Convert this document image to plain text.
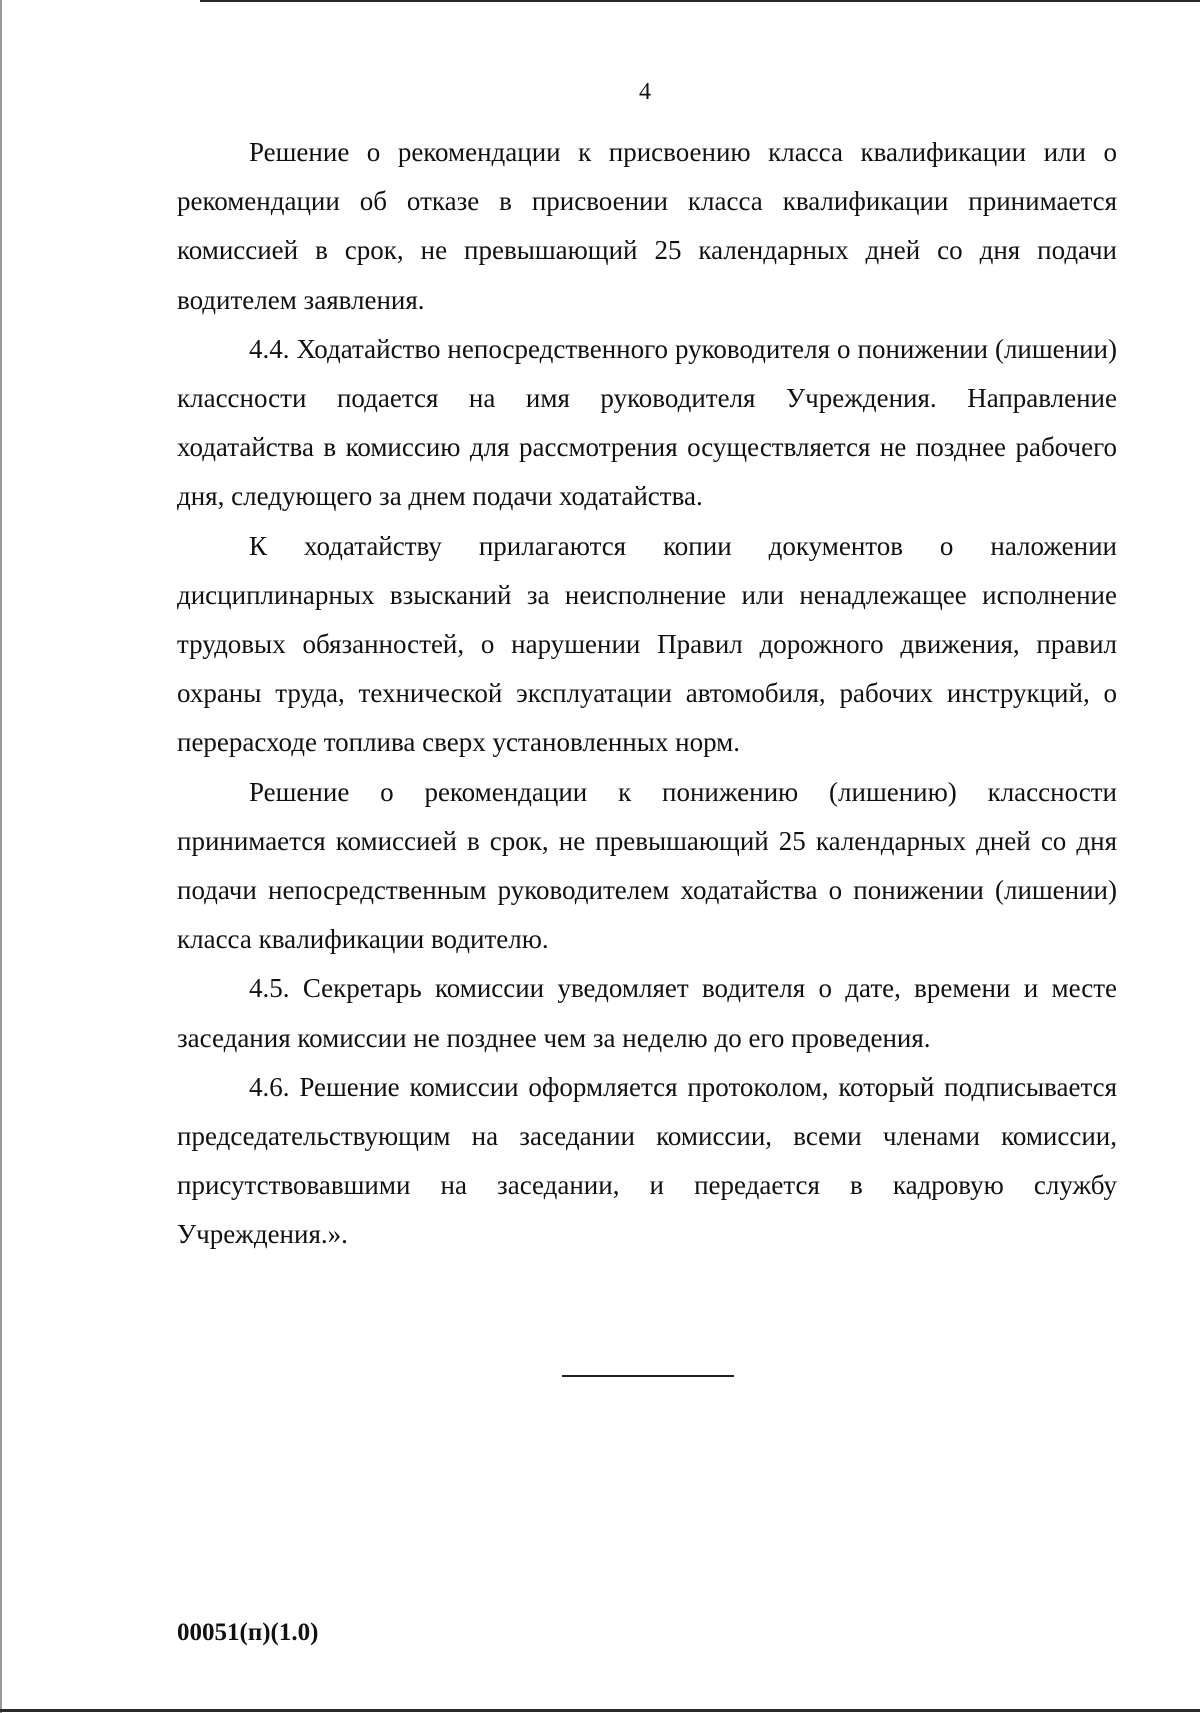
4

Решение о рекомендации к присвоению класса квалификации или о рекомендации об отказе в присвоении класса квалификации принимается комиссией в срок, не превышающий 25 календарных дней со дня подачи водителем заявления.

4.4. Ходатайство непосредственного руководителя о понижении (лишении) классности подается на имя руководителя Учреждения. Направление ходатайства в комиссию для рассмотрения осуществляется не позднее рабочего дня, следующего за днем подачи ходатайства.

К ходатайству прилагаются копии документов о наложении дисциплинарных взысканий за неисполнение или ненадлежащее исполнение трудовых обязанностей, о нарушении Правил дорожного движения, правил охраны труда, технической эксплуатации автомобиля, рабочих инструкций, о перерасходе топлива сверх установленных норм.

Решение о рекомендации к понижению (лишению) классности принимается комиссией в срок, не превышающий 25 календарных дней со дня подачи непосредственным руководителем ходатайства о понижении (лишении) класса квалификации водителю.

4.5. Секретарь комиссии уведомляет водителя о дате, времени и месте заседания комиссии не позднее чем за неделю до его проведения.

4.6. Решение комиссии оформляется протоколом, который подписывается председательствующим на заседании комиссии, всеми членами комиссии, присутствовавшими на заседании, и передается в кадровую службу Учреждения.».

00051(п)(1.0)
